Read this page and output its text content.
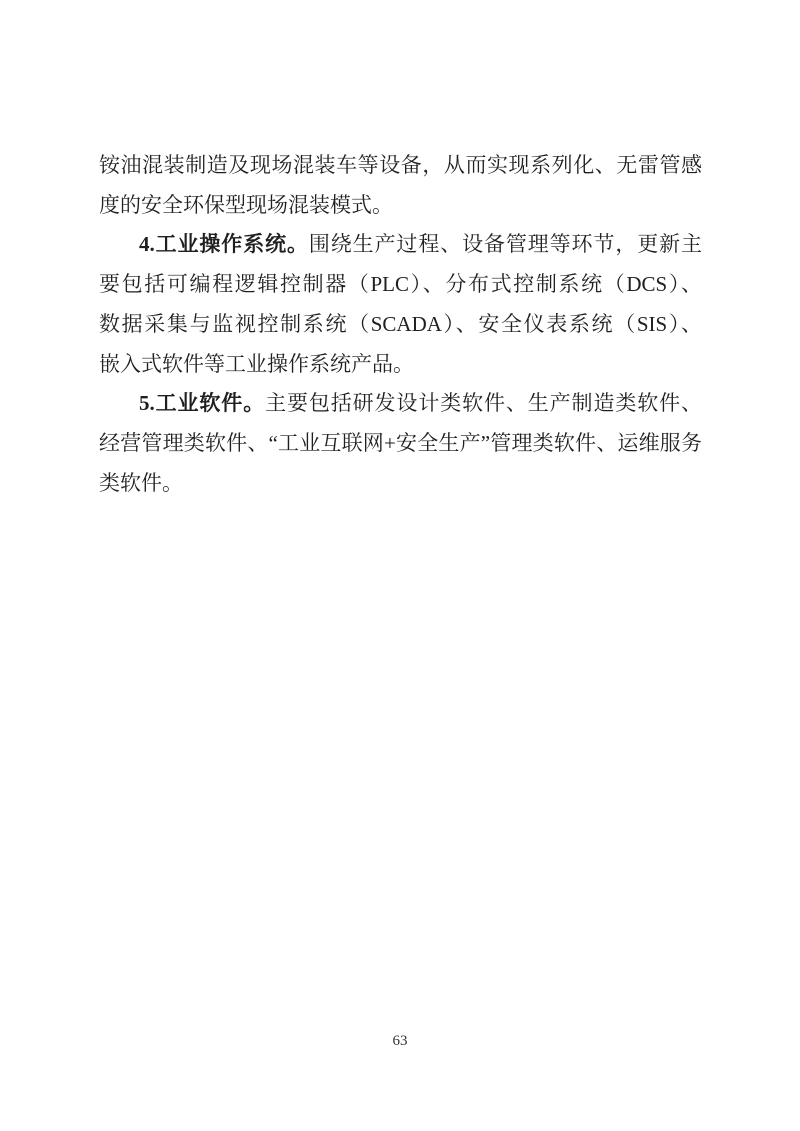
铵油混装制造及现场混装车等设备，从而实现系列化、无雷管感
度的安全环保型现场混装模式。
4.工业操作系统。围绕生产过程、设备管理等环节，更新主
要包括可编程逻辑控制器（PLC）、分布式控制系统（DCS）、
数据采集与监视控制系统（SCADA）、安全仪表系统（SIS）、
嵌入式软件等工业操作系统产品。
5.工业软件。主要包括研发设计类软件、生产制造类软件、
经营管理类软件、“工业互联网+安全生产”管理类软件、运维服务
类软件。
63
